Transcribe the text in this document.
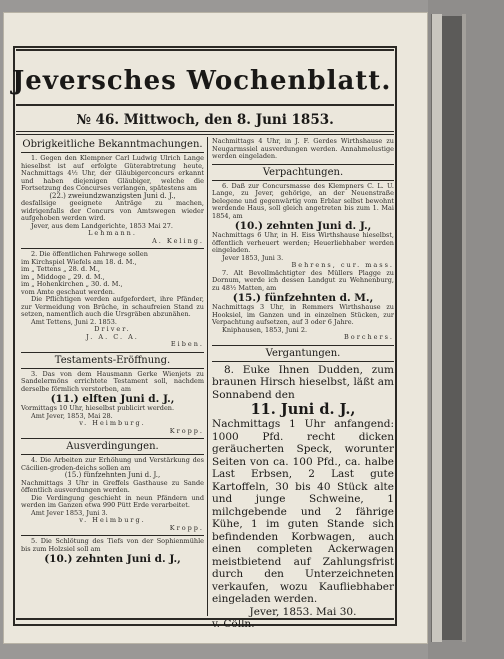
Jeversches Wochenblatt.
№ 46. Mittwoch, den 8. Juni 1853.

Obrigkeitliche Bekanntmachungen.

1. Gegen den Klempner Carl Ludwig Ulrich Lange hieselbst ist auf erfolgte Güterabtretung heute, Nachmittags 4½ Uhr, der Gläubigerconcurs erkannt und haben diejenigen Gläubiger, welche die Fortsetzung des Concurses verlangen, spätestens am

(22.) zweiundzwanzigsten Juni d. J.,

desfallsige geeignete Anträge zu machen, widrigenfalls der Concurs von Amtswegen wieder aufgehoben werden wird.

Jever, aus dem Landgerichte, 1853 Mai 27.

Lehmann.

A. Keling.

2. Die öffentlichen Fahrwege sollen

im Kirchspiel Wiefels am 18. d. M.,

im „ Tettens „ 28. d. M.,

im „ Middoge „ 29. d. M.,

im „ Hohenkirchen „ 30. d. M.,

vom Amte geschaut werden.

Die Pflichtigen werden aufgefordert, ihre Pfänder, zur Vermeidung von Brüche, in schaufreien Stand zu setzen, namentlich auch die Ursgräben abzunähen.

Amt Tettens, Juni 2. 1853.

Driver.

J. A. C. A.

Eiben.

Testaments-Eröffnung.

3. Das von dem Hausmann Gerke Wienjets zu Sandelermöns errichtete Testament soll, nachdem derselbe förmlich verstorben, am

(11.) elften Juni d. J.,

Vormittags 10 Uhr, hieselbst publicirt werden.

Amt Jever, 1853, Mai 28.

v. Heimburg.

Kropp.

Ausverdingungen.

4. Die Arbeiten zur Erhöhung und Verstärkung des Cäcilien-groden-deichs sollen am

(15.) fünfzehnten Juni d. J.,

Nachmittags 3 Uhr in Greffels Gasthause zu Sande öffentlich ausverdungen werden.

Die Verdingung geschieht in neun Pfändern und werden im Ganzen etwa 990 Pütt Erde verarbeitet.

Amt Jever 1853, Juni 3.

v. Heimburg.

Kropp.

5. Die Schlötung des Tiefs von der Sophienmühle bis zum Holzsiel soll am

(10.) zehnten Juni d. J.,

Nachmittags 4 Uhr, in J. F. Gerdes Wirthshause zu Neugarmssiel ausverdungen werden. Annahmelustige werden eingeladen.

Verpachtungen.

6. Daß zur Concursmasse des Klempners C. L. U. Lange, zu Jever, gehörige, an der Neuenstraße belegene und gegenwärtig vom Erblar selbst bewohnt werdende Haus, soll gleich angetreten bis zum 1. Mai 1854, am

(10.) zehnten Juni d. J.,

Nachmittags 6 Uhr, in H. Eiss Wirthshause hieselbst, öffentlich verheuert werden; Heuerliebhaber werden eingeladen.

Jever 1853, Juni 3.

Behrens, cur. mass.

7. Alt Bevollmächtigter des Müllers Plagge zu Dornum, werde ich dessen Landgut zu Wehnenburg, zu 48½ Matten, am

(15.) fünfzehnten d. M.,

Nachmittags 3 Uhr, in Remmers Wirthshause zu Hooksiel, im Ganzen und in einzelnen Stücken, zur Verpachtung aufsetzen, auf 3 oder 6 Jahre.

Kniphausen, 1853, Juni 2.

Borchers.

Vergantungen.

8. Euke Ihnen Dudden, zum braunen Hirsch hieselbst, läßt am Sonnabend den

11. Juni d. J.,

Nachmittags 1 Uhr anfangend: 1000 Pfd. recht dicken geräucherten Speck, worunter Seiten von ca. 100 Pfd., ca. halbe Last Erbsen, 2 Last gute Kartoffeln, 30 bis 40 Stück alte und junge Schweine, 1 milchgebende und 2 fährige Kühe, 1 im guten Stande sich befindenden Korbwagen, auch einen completen Ackerwagen meistbietend auf Zahlungsfrist durch den Unterzeichneten verkaufen, wozu Kaufliebhaber eingeladen werden.

Jever, 1853. Mai 30.

v. Cölln.
